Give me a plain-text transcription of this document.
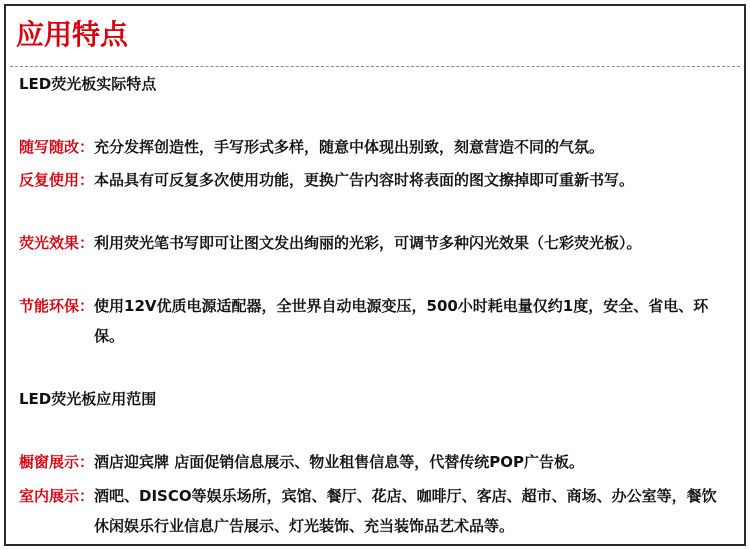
应用特点
LED荧光板实际特点
随写随改： 充分发挥创造性，手写形式多样，随意中体现出别致，刻意营造不同的气氛。
反复使用： 本品具有可反复多次使用功能，更换广告内容时将表面的图文擦掉即可重新书写。
荧光效果： 利用荧光笔书写即可让图文发出绚丽的光彩，可调节多种闪光效果（七彩荧光板）。
节能环保： 使用12V优质电源适配器，全世界自动电源变压，500小时耗电量仅约1度，安全、省电、环保。
LED荧光板应用范围
橱窗展示： 酒店迎宾牌 店面促销信息展示、物业租售信息等，代替传统POP广告板。
室内展示： 酒吧、DISCO等娱乐场所，宾馆、餐厅、花店、咖啡厅、客店、超市、商场、办公室等，餐饮休闲娱乐行业信息广告展示、灯光装饰、充当装饰品艺术品等。
